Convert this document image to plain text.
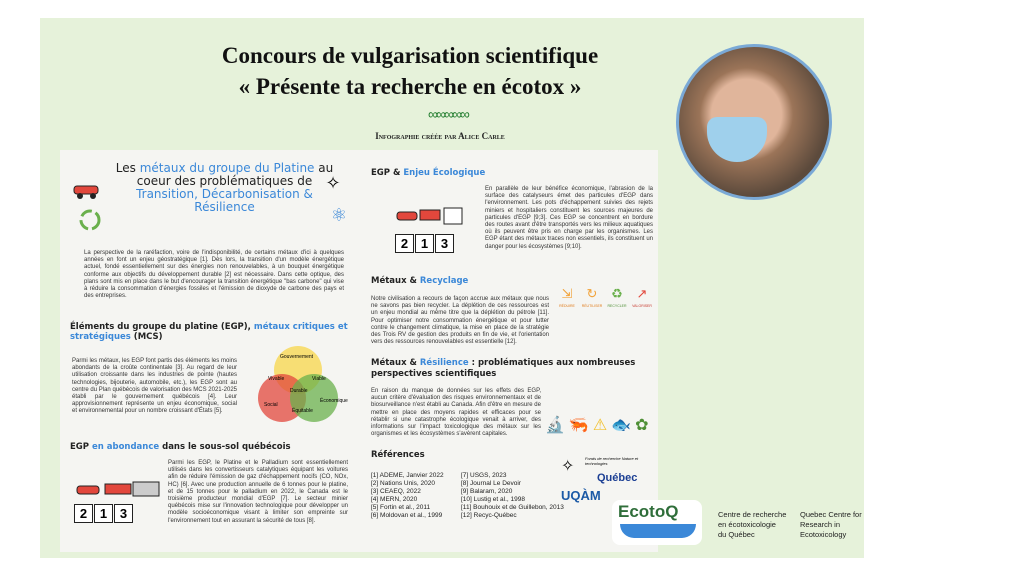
Concours de vulgarisation scientifique
« Présente ta recherche en écotox »
∞∞∞∞∞
Infographie créée par Alice Carle
Les métaux du groupe du Platine au coeur des problématiques de Transition, Décarbonisation & Résilience
✧
⚛
La perspective de la raréfaction, voire de l'indisponibilité, de certains métaux d'ici à quelques années en font un enjeu géostratégique [1]. Dès lors, la transition d'un modèle énergétique actuel, fondé essentiellement sur des énergies non renouvelables, à un bouquet énergétique conforme aux objectifs du développement durable [2] est nécessaire. Dans cette optique, des plans sont mis en place dans le but d'encourager la transition énergétique "bas carbone" qui vise à réduire la consommation d'énergies fossiles et l'émission de dioxyde de carbone des pays et des entreprises.
Éléments du groupe du platine (EGP), métaux critiques et stratégiques (MCS)
Parmi les métaux, les EGP font partis des éléments les moins abondants de la croûte continentale [3]. Au regard de leur utilisation croissante dans les industries de pointe (hautes technologies, bijouterie, automobile, etc.), les EGP sont au centre du Plan québécois de valorisation des MCS 2021-2025 établi par le gouvernement québécois [4]. Leur approvisionnement représente un enjeu économique, social et environnemental pour un nombre croissant d'États [5].
Gouvernement
Vivable	Viable
Durable
Social
Équitable
Économique
EGP en abondance dans le sous-sol québécois
2 1 3
Parmi les EGP, le Platine et le Palladium sont essentiellement utilisés dans les convertisseurs catalytiques équipant les voitures afin de réduire l'émission de gaz d'échappement nocifs (CO, NOx, HC) [6]. Avec une production annuelle de 6 tonnes pour le platine, et de 15 tonnes pour le palladium en 2022, le Canada est le troisième producteur mondial d'EGP [7]. Le secteur minier québécois mise sur l'innovation technologique pour développer un modèle socioéconomique visant à limiter son empreinte sur l'environnement tout en assurant la sécurité de tous [8].
EGP & Enjeu Écologique
2 1 3
En parallèle de leur bénéfice économique, l'abrasion de la surface des catalyseurs émet des particules d'EGP dans l'environnement. Les pots d'échappement suivies des rejets miniers et hospitaliers constituent les sources majeures de particules d'EGP [9;3]. Ces EGP se concentrent en bordure des routes avant d'être transportés vers les milieux aquatiques où ils peuvent être pris en charge par les organismes. Les EGP étant des métaux traces non essentiels, ils constituent un danger pour les écosystèmes [9;10].
Métaux & Recyclage
Notre civilisation a recours de façon accrue aux métaux que nous ne savons pas bien recycler. La déplétion de ces ressources est un enjeu mondial au même titre que la déplétion du pétrole [11]. Pour optimiser notre consommation énergétique et pour lutter contre le changement climatique, la mise en place de la stratégie des Trois RV de gestion des produits en fin de vie, et l'orientation vers des ressources renouvelables est essentielle [12].
⇲	↻	♻	↗
RÉDUIRE	RÉUTILISER	RECYCLER	VALORISER
Métaux & Résilience : problématiques aux nombreuses perspectives scientifiques
En raison du manque de données sur les effets des EGP, aucun critère d'évaluation des risques environnementaux et de biosurveillance n'est établi au Canada. Afin d'être en mesure de mettre en place des moyens rapides et efficaces pour se rétablir si une catastrophe écologique venait à arriver, des informations sur l'impact toxicologique des métaux sur les organismes et les écosystèmes s'avèrent capitales.
🔬 🦐 ⚠ 🐟 ✿
Références
[1] ADEME, Janvier 2022
[2] Nations Unis, 2020
[3] CEAEQ, 2022
[4] MERN, 2020
[5] Fortin et al., 2011
[6] Moldovan et al., 1999
[7] USGS, 2023
[8] Journal Le Devoir
[9] Balaram, 2020
[10] Lustig et al., 1998
[11] Bouhouix et de Guillebon, 2013
[12] Recyc-Québec
✧	Fonds de recherche Nature et technologies
Québec
UQÀM
EcotoQ	Centre de recherche
en écotoxicologie
du Québec
Quebec Centre for
Research in
Ecotoxicology
